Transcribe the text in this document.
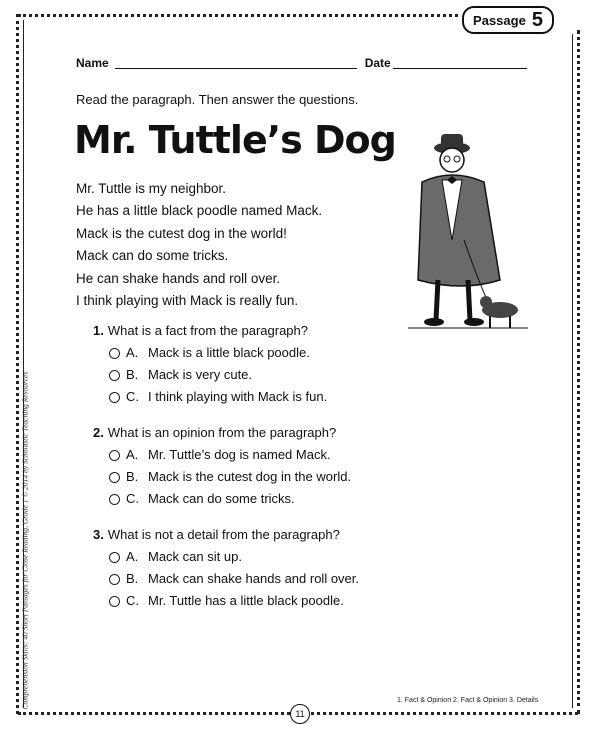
Passage 5
Name	Date
Read the paragraph. Then answer the questions.
Mr. Tuttle’s Dog
Mr. Tuttle is my neighbor.
He has a little black poodle named Mack.
Mack is the cutest dog in the world!
Mack can do some tricks.
He can shake hands and roll over.
I think playing with Mack is really fun.
1. What is a fact from the paragraph?
A. Mack is a little black poodle.
B. Mack is very cute.
C. I think playing with Mack is fun.
2. What is an opinion from the paragraph?
A. Mr. Tuttle’s dog is named Mack.
B. Mack is the cutest dog in the world.
C. Mack can do some tricks.
3. What is not a detail from the paragraph?
A. Mack can sit up.
B. Mack can shake hands and roll over.
C. Mr. Tuttle has a little black poodle.
Comprehension Skills: 40 Short Passages for Close Reading, Grade 1 © 2014 by Scholastic Teaching Resources	1. Fact & Opinion 2. Fact & Opinion 3. Details
11
